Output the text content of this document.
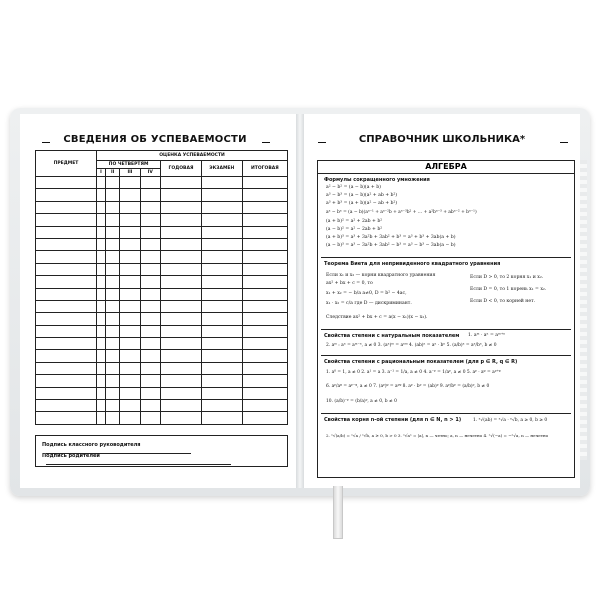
СВЕДЕНИЯ ОБ УСПЕВАЕМОСТИ
ПРЕДМЕТ	ОЦЕНКА УСПЕВАЕМОСТИ						
	ПО ЧЕТВЕРТЯМ				ГОДОВАЯ	ЭКЗАМЕН	ИТОГОВАЯ
	I	II	III	IV			

Подпись классного руководителя
Подпись родителей
СПРАВОЧНИК ШКОЛЬНИКА*
АЛГЕБРА
Формулы сокращенного умножения
a² − b² = (a − b)(a + b)
a³ − b³ = (a − b)(a² + ab + b²)
a³ + b³ = (a + b)(a² − ab + b²)
aⁿ − bⁿ = (a − b)(aⁿ⁻¹ + aⁿ⁻²b + aⁿ⁻³b² + … + a²bⁿ⁻³ + abⁿ⁻² + bⁿ⁻¹)
(a + b)² = a² + 2ab + b²
(a − b)² = a² − 2ab + b²
(a + b)³ = a³ + 3a²b + 3ab² + b³ = a³ + b³ + 3ab(a + b)
(a − b)³ = a³ − 3a²b + 3ab² − b³ = a³ − b³ − 3ab(a − b)
Теорема Виета для непривиденного квадратного уравнения
Если x₁ и x₂ — корни квадратного уравнения
ax² + bx + c = 0, то
x₁ + x₂ = − b/a a≠0, D = b² − 4ac,
x₁ · x₂ = c/a где D — дискриминант.
Следствие ax² + bx + c = a(x − x₁)(x − x₂).
Если D > 0, то 2 корня x₁ и x₂.
Если D = 0, то 1 корень x₁ = x₂.
Если D < 0, то корней нет.
Свойства степени с натуральным показателем 1. aᵐ · aⁿ = aᵐ⁺ⁿ
2. aᵐ : aⁿ = aᵐ⁻ⁿ, a ≠ 0 3. (aⁿ)ᵐ = aⁿᵐ 4. (ab)ⁿ = aⁿ · bⁿ 5. (a/b)ⁿ = aⁿ/bⁿ, b ≠ 0
Свойства степени с рациональным показателем (для p ∈ R, q ∈ R)
1. a⁰ = 1, a ≠ 0 2. a¹ = a 3. a⁻¹ = 1/a, a ≠ 0 4. a⁻ᵖ = 1/aᵖ, a ≠ 0 5. aᵖ · aᵠ = aᵖ⁺ᵠ
6. aᵖ/aᵠ = aᵖ⁻ᵠ, a ≠ 0 7. (aᵖ)ᵠ = aᵖᵠ 8. aᵖ · bᵖ = (ab)ᵖ 9. aᵖ/bᵖ = (a/b)ᵖ, b ≠ 0
10. (a/b)⁻ᵖ = (b/a)ᵖ, a ≠ 0, b ≠ 0
Свойства корня n-ой степени (для n ∈ N, n > 1)	1. ⁿ√(ab) = ⁿ√a · ⁿ√b, a ≥ 0, b ≥ 0
2. ⁿ√(a/b) = ⁿ√a / ⁿ√b, a ≥ 0, b > 0 3. ⁿ√aⁿ = |a|, n — четно; a, n — нечетно 4. ⁿ√(−a) = −ⁿ√a, n — нечетно
